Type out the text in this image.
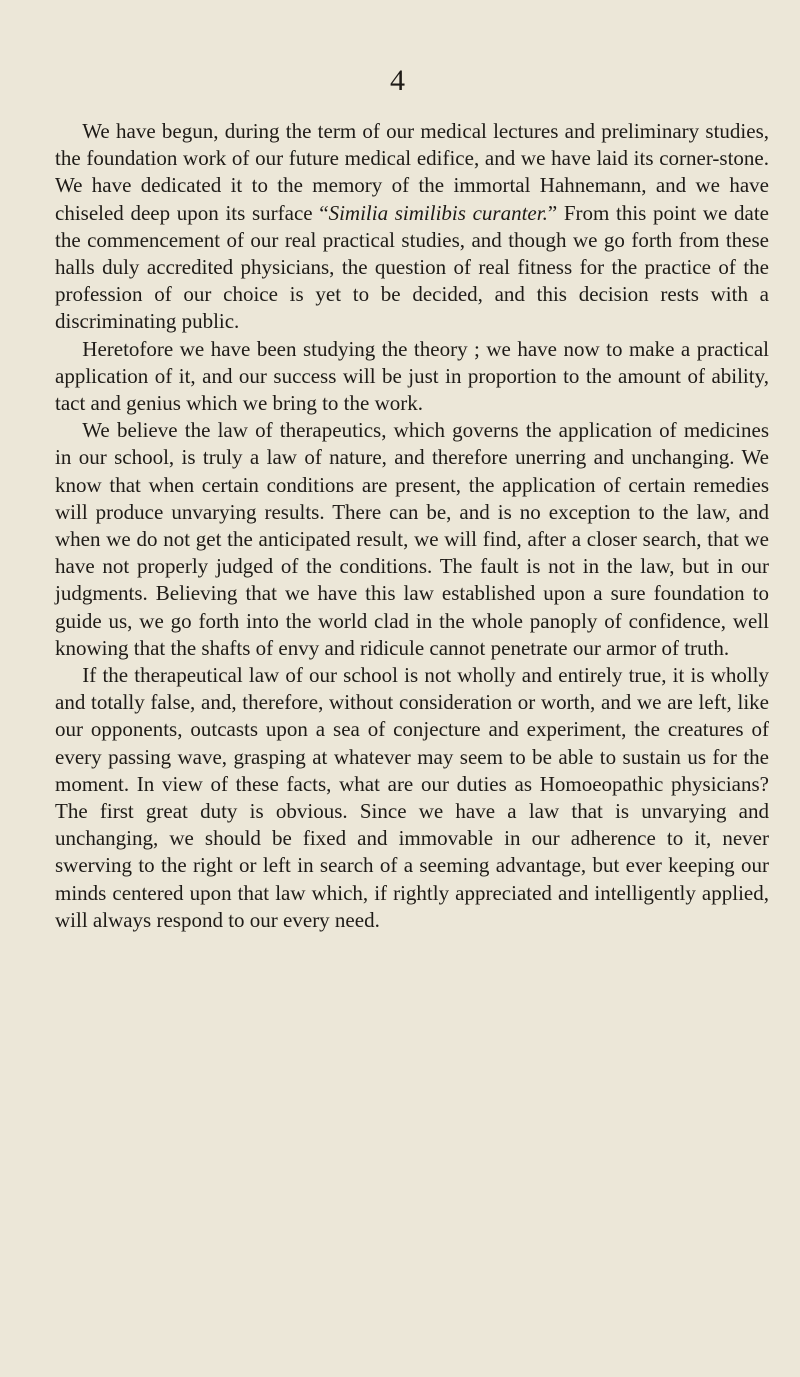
4

We have begun, during the term of our medical lectures and preliminary studies, the foundation work of our future medical edifice, and we have laid its corner-stone. We have dedicated it to the memory of the immortal Hahnemann, and we have chiseled deep upon its surface “Similia similibis curanter.” From this point we date the commencement of our real practical studies, and though we go forth from these halls duly accredited physicians, the question of real fitness for the practice of the profession of our choice is yet to be decided, and this decision rests with a discriminating public.

Heretofore we have been studying the theory ; we have now to make a practical application of it, and our success will be just in proportion to the amount of ability, tact and genius which we bring to the work.

We believe the law of therapeutics, which governs the application of medicines in our school, is truly a law of nature, and therefore unerring and unchanging. We know that when certain conditions are present, the application of certain remedies will produce unvarying results. There can be, and is no exception to the law, and when we do not get the anticipated result, we will find, after a closer search, that we have not properly judged of the conditions. The fault is not in the law, but in our judgments. Believing that we have this law established upon a sure foundation to guide us, we go forth into the world clad in the whole panoply of confidence, well knowing that the shafts of envy and ridicule cannot penetrate our armor of truth.

If the therapeutical law of our school is not wholly and entirely true, it is wholly and totally false, and, therefore, without consideration or worth, and we are left, like our opponents, outcasts upon a sea of conjecture and experiment, the creatures of every passing wave, grasping at whatever may seem to be able to sustain us for the moment. In view of these facts, what are our duties as Homoeopathic physicians? The first great duty is obvious. Since we have a law that is unvarying and unchanging, we should be fixed and immovable in our adherence to it, never swerving to the right or left in search of a seeming advantage, but ever keeping our minds centered upon that law which, if rightly appreciated and intelligently applied, will always respond to our every need.
